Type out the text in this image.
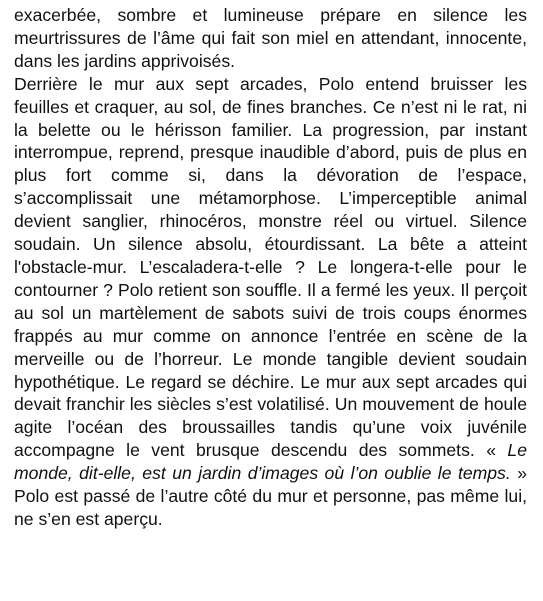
exacerbée, sombre et lumineuse prépare en silence les meurtrissures de l’âme qui fait son miel en attendant, innocente, dans les jardins apprivoisés.

Derrière le mur aux sept arcades, Polo entend bruisser les feuilles et craquer, au sol, de fines branches. Ce n’est ni le rat, ni la belette ou le hérisson familier. La progression, par instant interrompue, reprend, presque inaudible d’abord, puis de plus en plus fort comme si, dans la dévoration de l’espace, s’accomplissait une métamorphose. L’imperceptible animal devient sanglier, rhinocéros, monstre réel ou virtuel. Silence soudain. Un silence absolu, étourdissant. La bête a atteint l'obstacle-mur. L’escaladera-t-elle ? Le longera-t-elle pour le contourner ? Polo retient son souffle. Il a fermé les yeux. Il perçoit au sol un martèlement de sabots suivi de trois coups énormes frappés au mur comme on annonce l’entrée en scène de la merveille ou de l’horreur. Le monde tangible devient soudain hypothétique. Le regard se déchire. Le mur aux sept arcades qui devait franchir les siècles s’est volatilisé. Un mouvement de houle agite l’océan des broussailles tandis qu’une voix juvénile accompagne le vent brusque descendu des sommets. « Le monde, dit-elle, est un jardin d’images où l’on oublie le temps. » Polo est passé de l’autre côté du mur et personne, pas même lui, ne s’en est aperçu.
